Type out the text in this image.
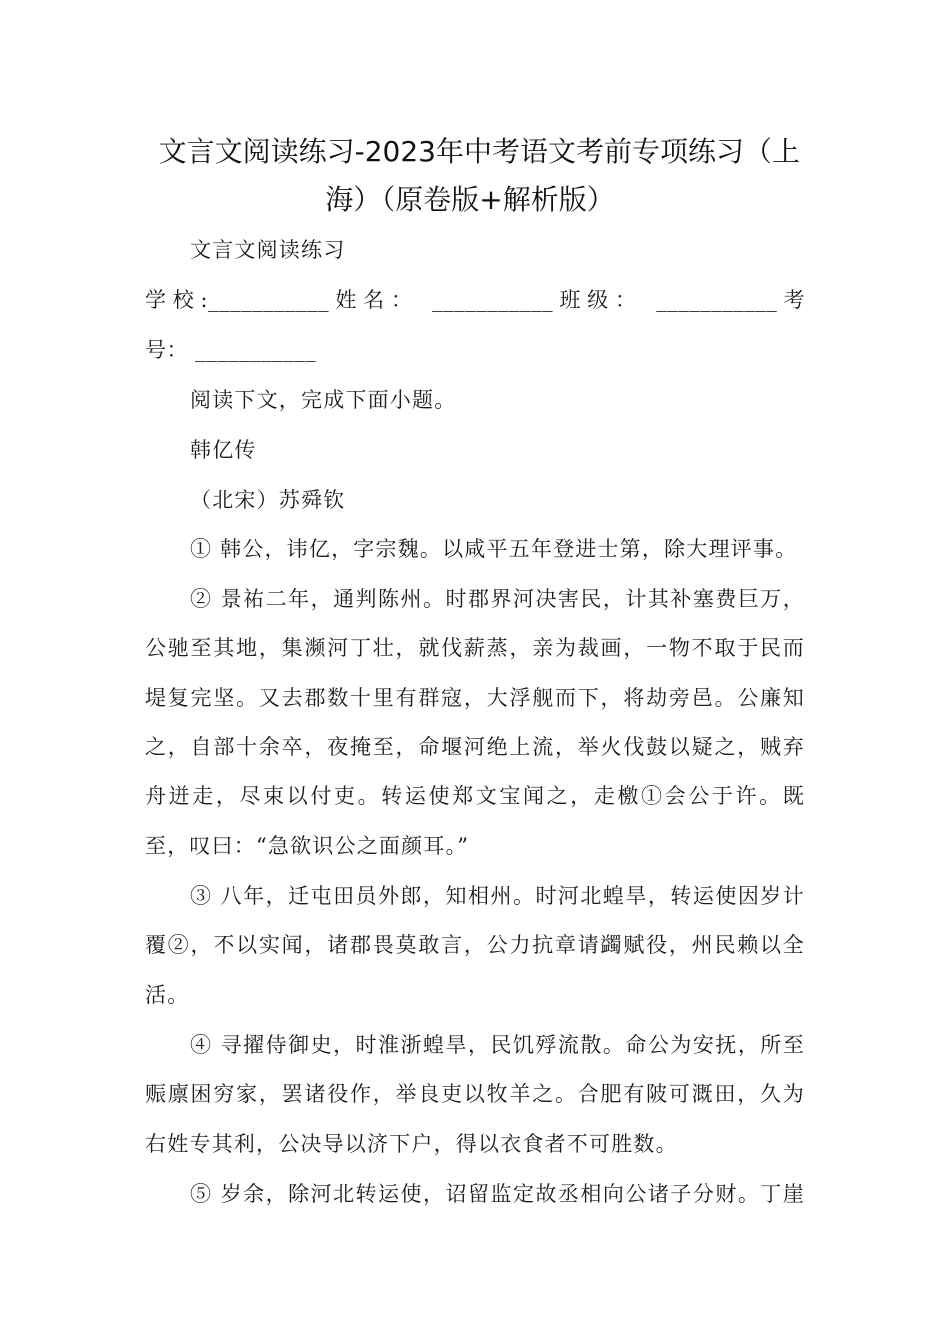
文言文阅读练习-2023年中考语文考前专项练习（上
海）（原卷版+解析版）
文言文阅读练习
学校:___________姓名： ___________班级： ___________考
号： ___________
阅读下文，完成下面小题。
韩亿传
（北宋）苏舜钦
① 韩公，讳亿，字宗魏。以咸平五年登进士第，除大理评事。
② 景祐二年，通判陈州。时郡界河决害民，计其补塞费巨万，
公驰至其地，集濒河丁壮，就伐薪蒸，亲为裁画，一物不取于民而
堤复完坚。又去郡数十里有群寇，大浮舰而下，将劫旁邑。公廉知
之，自部十余卒，夜掩至，命堰河绝上流，举火伐鼓以疑之，贼弃
舟迸走，尽束以付吏。转运使郑文宝闻之，走檄①会公于许。既
至，叹曰：“急欲识公之面颜耳。”
③ 八年，迁屯田员外郎，知相州。时河北蝗旱，转运使因岁计
覆②，不以实闻，诸郡畏莫敢言，公力抗章请蠲赋役，州民赖以全
活。
④ 寻擢侍御史，时淮浙蝗旱，民饥殍流散。命公为安抚，所至
赈廪困穷家，罢诸役作，举良吏以牧羊之。合肥有陂可溉田，久为
右姓专其利，公决导以济下户，得以衣食者不可胜数。
⑤ 岁余，除河北转运使，诏留监定故丞相向公诸子分财。丁崖
